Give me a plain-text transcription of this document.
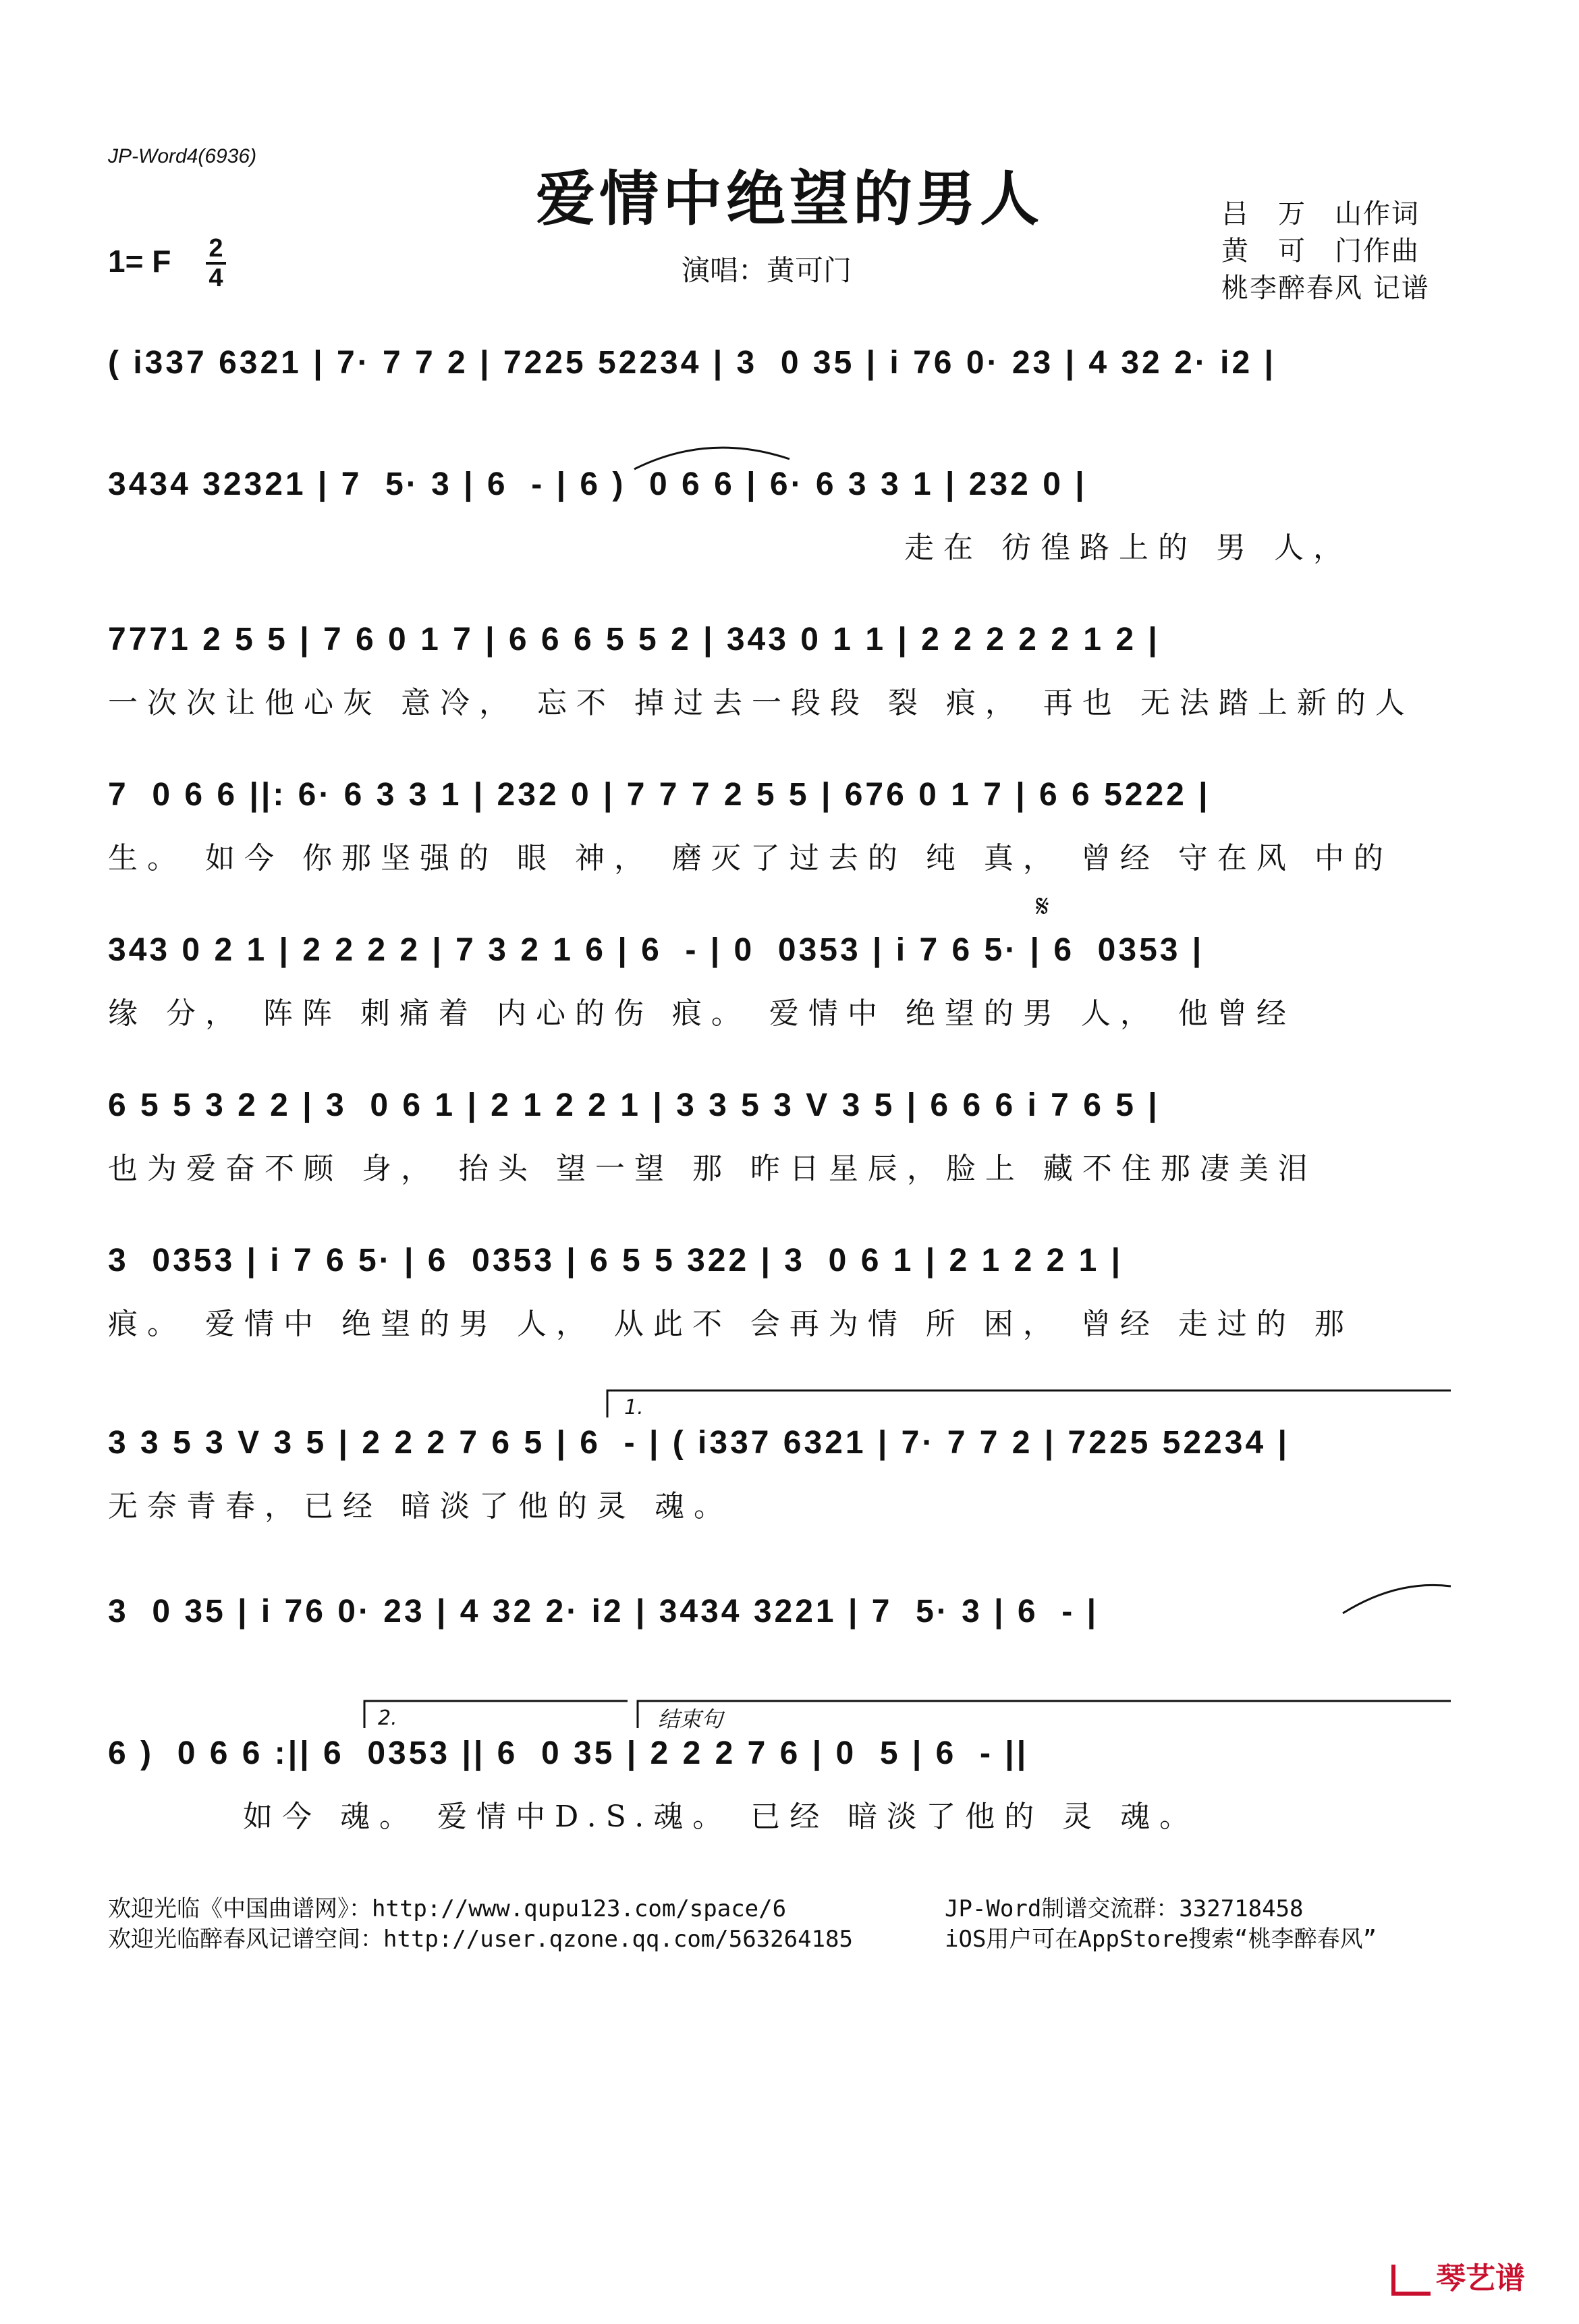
JP-Word4(6936)
爱情中绝望的男人
1= F 2
4	演唱：黄可门
吕　万　山作词
黄　可　门作曲
桃李醉春风 记谱
1.
2.	结束句
𝄋
( i337 6321 | 7· 7 7 2 | 7225 52234 | 3  0 35 | i 76 0· 23 | 4 32 2· i2 |
3434 32321 | 7  5· 3 | 6  - | 6 )  0 6 6 | 6· 6 3 3 1 | 232 0 |
走在 彷徨路上的 男 人，
7771 2 5 5 | 7 6 0 1 7 | 6 6 6 5 5 2 | 343 0 1 1 | 2 2 2 2 2 1 2 |
一次次让他心灰 意冷， 忘不 掉过去一段段 裂 痕， 再也 无法踏上新的人
7  0 6 6 ||: 6· 6 3 3 1 | 232 0 | 7 7 7 2 5 5 | 676 0 1 7 | 6 6 5222 |
生。 如今 你那坚强的 眼 神， 磨灭了过去的 纯 真， 曾经 守在风 中的
343 0 2 1 | 2 2 2 2 | 7 3 2 1 6 | 6  - | 0  0353 | i 7 6 5· | 6  0353 |
缘 分， 阵阵 刺痛着 内心的伤 痕。 爱情中 绝望的男 人， 他曾经
6 5 5 3 2 2 | 3  0 6 1 | 2 1 2 2 1 | 3 3 5 3 V 3 5 | 6 6 6 i 7 6 5 |
也为爱奋不顾 身， 抬头 望一望 那 昨日星辰，脸上 藏不住那凄美泪
3  0353 | i 7 6 5· | 6  0353 | 6 5 5 322 | 3  0 6 1 | 2 1 2 2 1 |
痕。 爱情中 绝望的男 人， 从此不 会再为情 所 困， 曾经 走过的 那
3 3 5 3 V 3 5 | 2 2 2 7 6 5 | 6  - | ( i337 6321 | 7· 7 7 2 | 7225 52234 |
无奈青春，已经 暗淡了他的灵 魂。
3  0 35 | i 76 0· 23 | 4 32 2· i2 | 3434 3221 | 7  5· 3 | 6  - |
6 )  0 6 6 :|| 6  0353 || 6  0 35 | 2 2 2 7 6 | 0  5 | 6  - ||
如今 魂。 爱情中D.S.魂。 已经 暗淡了他的 灵 魂。
欢迎光临《中国曲谱网》：http://www.qupu123.com/space/6
欢迎光临醉春风记谱空间：http://user.qzone.qq.com/563264185
JP-Word制谱交流群：332718458
iOS用户可在AppStore搜索“桃李醉春风”
琴艺谱
